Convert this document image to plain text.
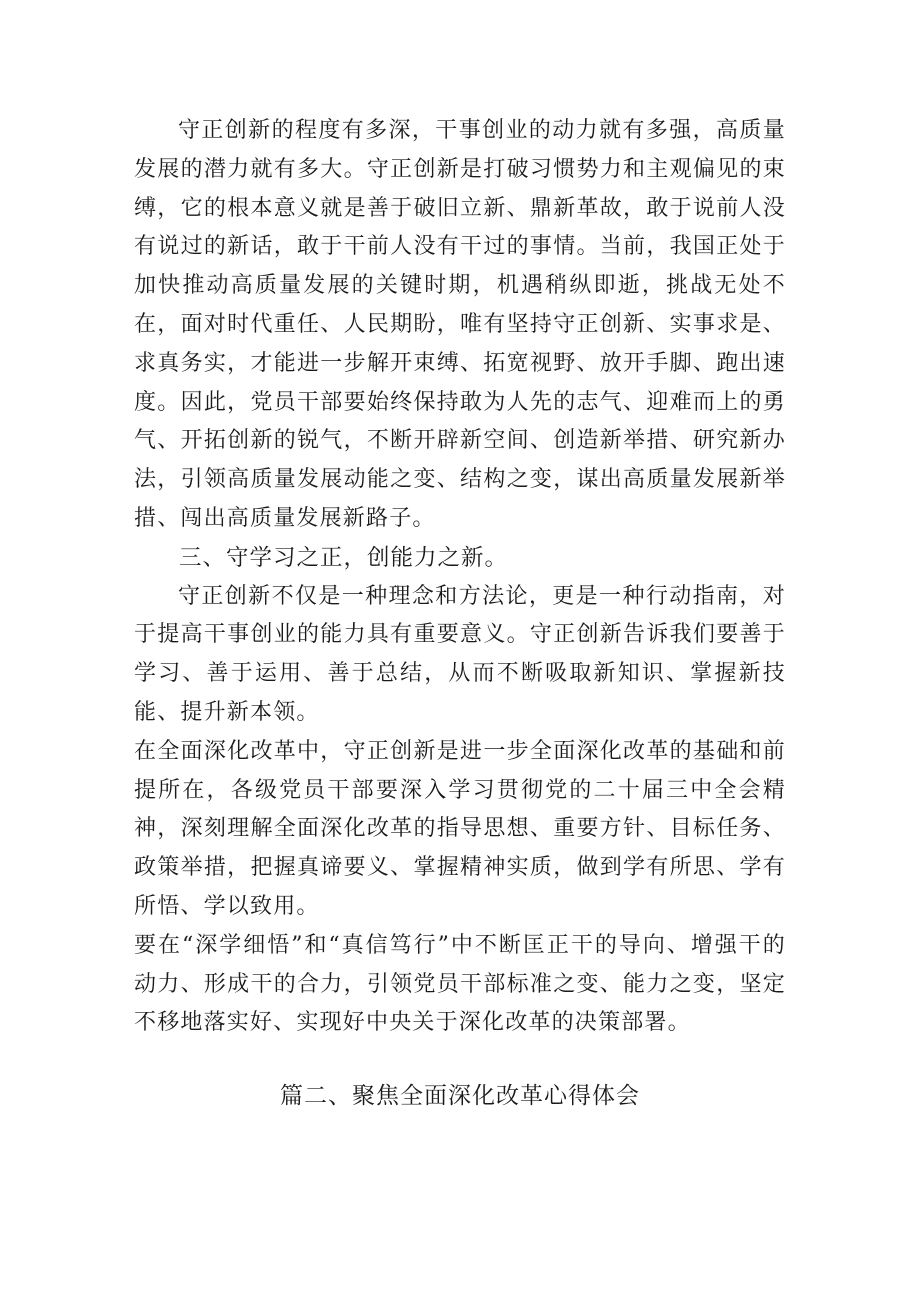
守正创新的程度有多深，干事创业的动力就有多强，高质量发展的潜力就有多大。守正创新是打破习惯势力和主观偏见的束缚，它的根本意义就是善于破旧立新、鼎新革故，敢于说前人没有说过的新话，敢于干前人没有干过的事情。当前，我国正处于加快推动高质量发展的关键时期，机遇稍纵即逝，挑战无处不在，面对时代重任、人民期盼，唯有坚持守正创新、实事求是、求真务实，才能进一步解开束缚、拓宽视野、放开手脚、跑出速度。因此，党员干部要始终保持敢为人先的志气、迎难而上的勇气、开拓创新的锐气，不断开辟新空间、创造新举措、研究新办法，引领高质量发展动能之变、结构之变，谋出高质量发展新举措、闯出高质量发展新路子。

三、守学习之正，创能力之新。

守正创新不仅是一种理念和方法论，更是一种行动指南，对于提高干事创业的能力具有重要意义。守正创新告诉我们要善于学习、善于运用、善于总结，从而不断吸取新知识、掌握新技能、提升新本领。

在全面深化改革中，守正创新是进一步全面深化改革的基础和前提所在，各级党员干部要深入学习贯彻党的二十届三中全会精神，深刻理解全面深化改革的指导思想、重要方针、目标任务、政策举措，把握真谛要义、掌握精神实质，做到学有所思、学有所悟、学以致用。

要在“深学细悟”和“真信笃行”中不断匡正干的导向、增强干的动力、形成干的合力，引领党员干部标准之变、能力之变，坚定不移地落实好、实现好中央关于深化改革的决策部署。

篇二、聚焦全面深化改革心得体会
